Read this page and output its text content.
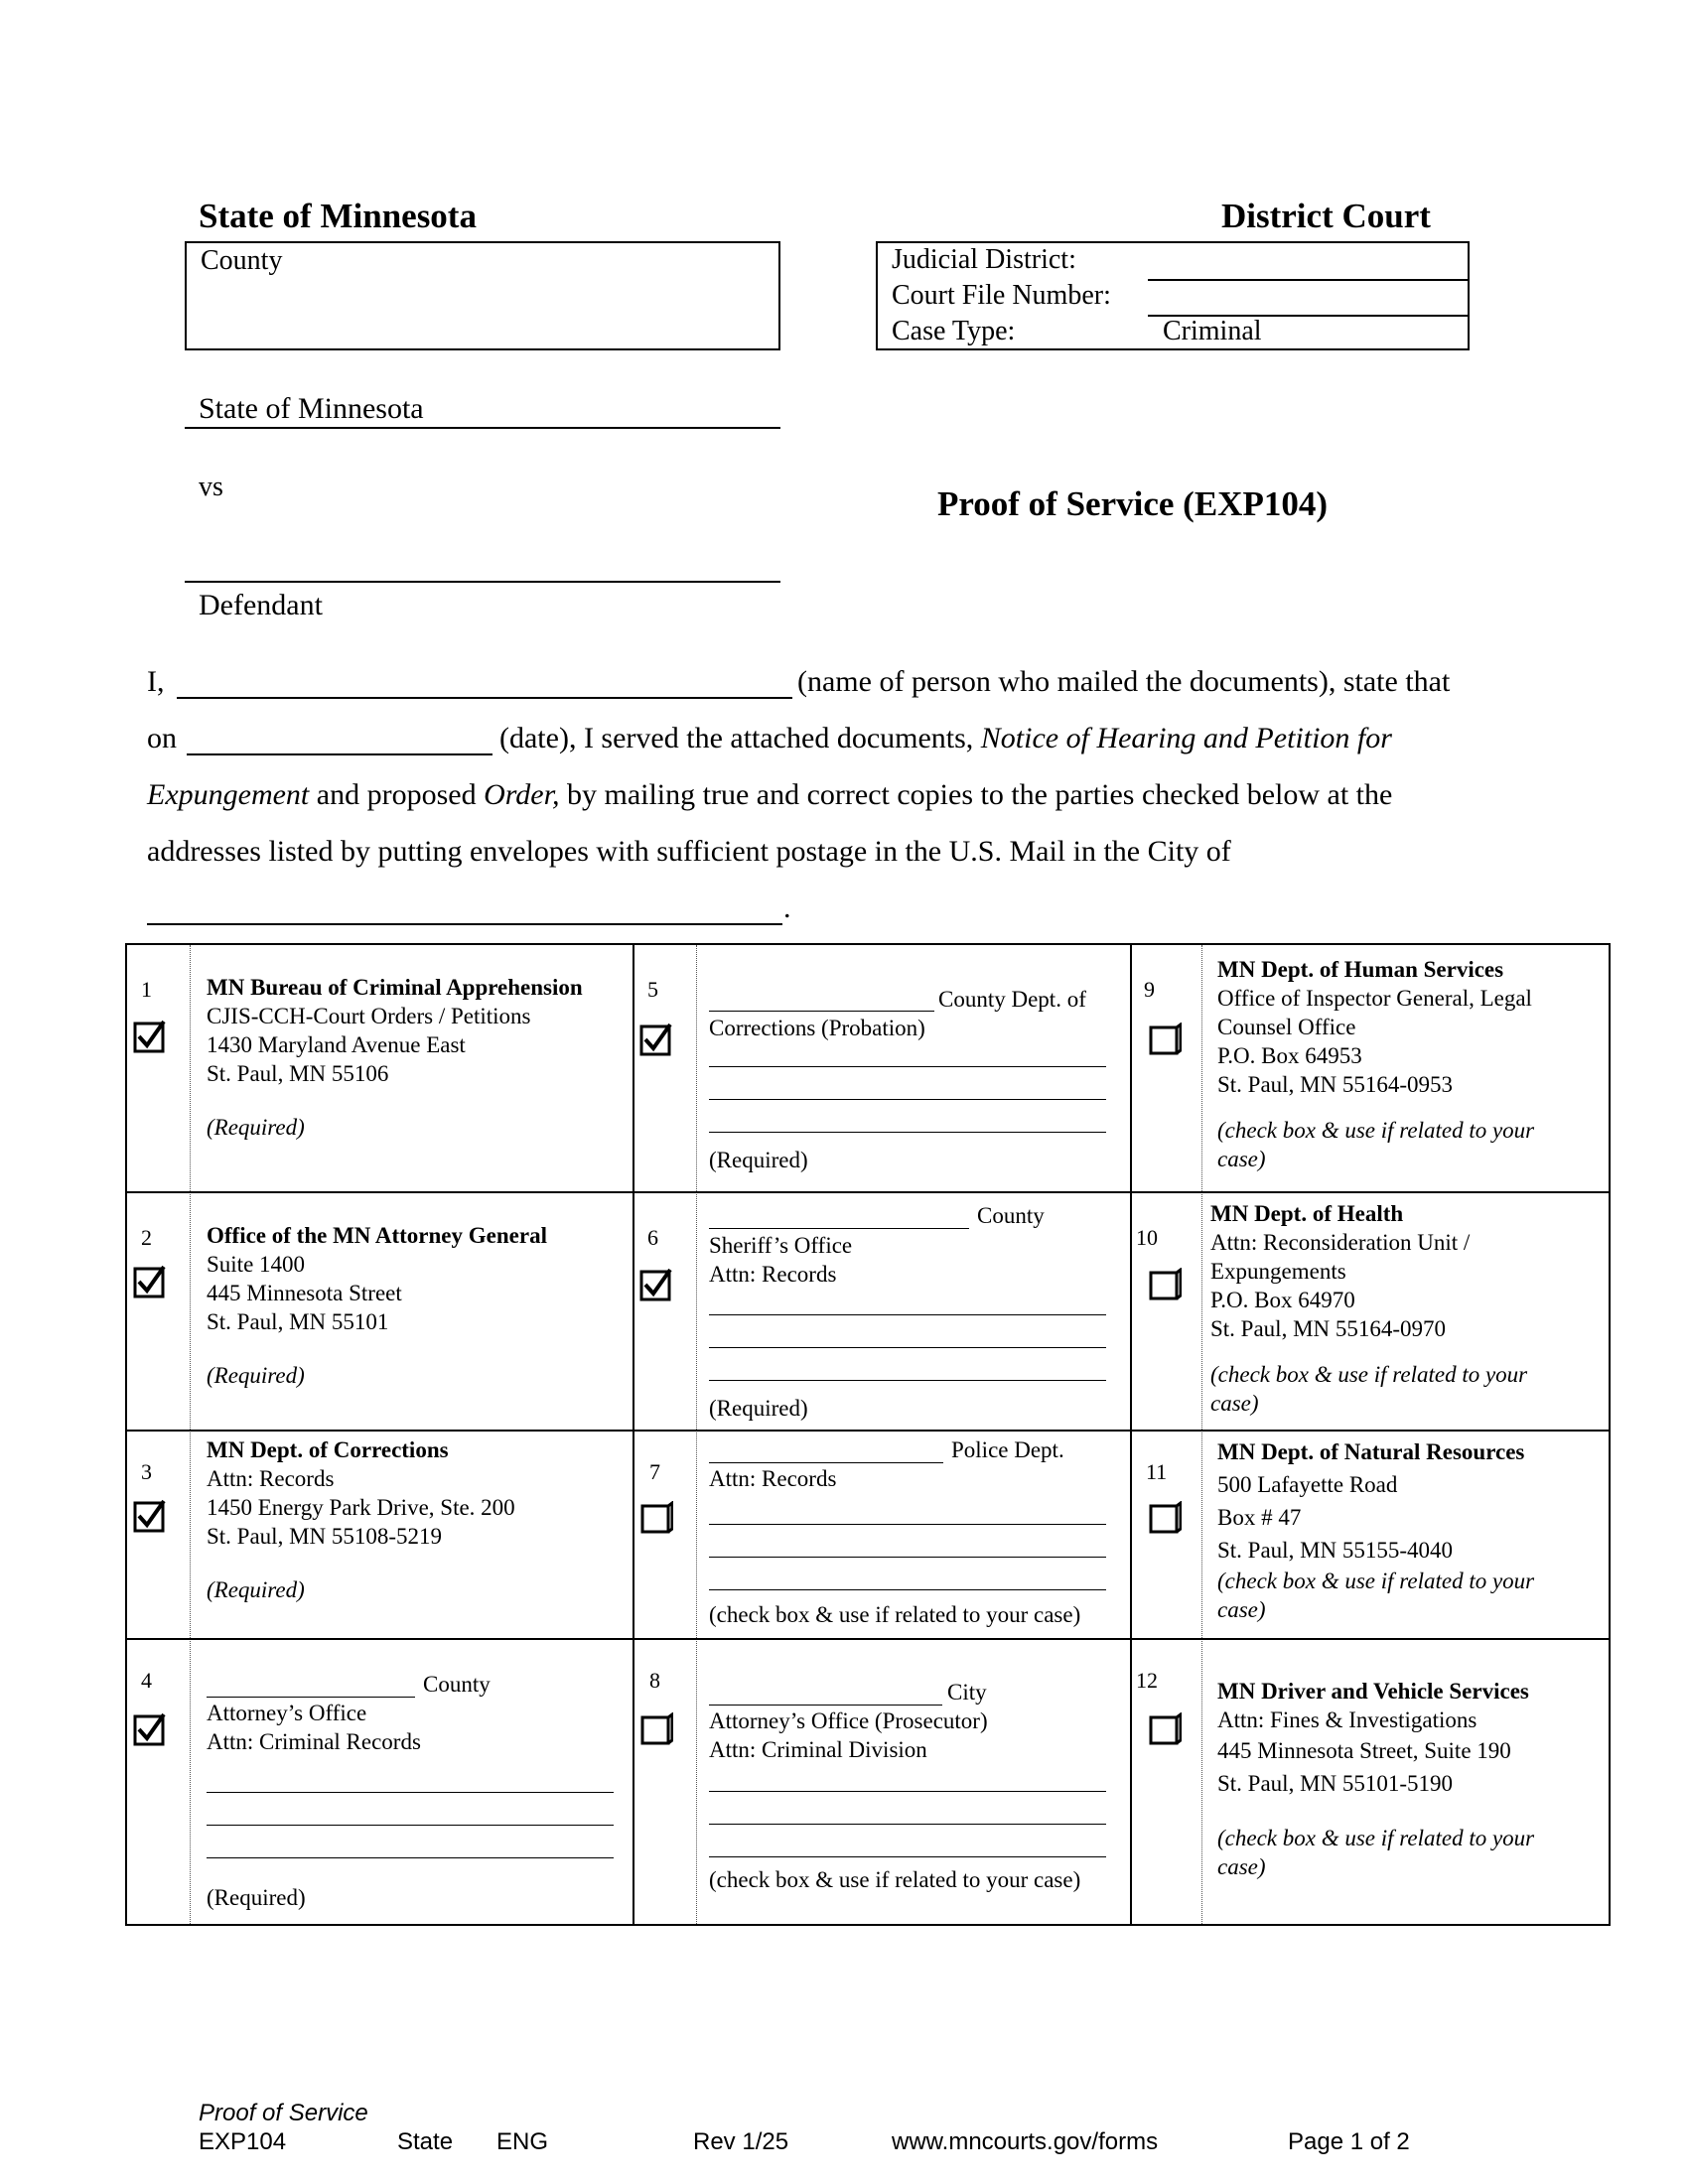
State of Minnesota	District Court
County	Judicial District:
Court File Number:
Case Type:	Criminal
State of Minnesota
vs
Defendant
Proof of Service (EXP104)
I,	(name of person who mailed the documents), state that
on	(date), I served the attached documents, Notice of Hearing and Petition for
Expungement and proposed Order, by mailing true and correct copies to the parties checked below at the
addresses listed by putting envelopes with sufficient postage in the U.S. Mail in the City of
.
1 MN Bureau of Criminal Apprehension
CJIS-CCH-Court Orders / Petitions
1430 Maryland Avenue East
St. Paul, MN 55106
(Required)
5	County Dept. of
Corrections (Probation)
(Required)
9
MN Dept. of Human Services
Office of Inspector General, Legal
Counsel Office
P.O. Box 64953
St. Paul, MN 55164-0953
(check box & use if related to your
case)
2 Office of the MN Attorney General
Suite 1400
445 Minnesota Street
St. Paul, MN 55101
(Required)
6
County
Sheriff’s Office
Attn: Records
(Required)
10
MN Dept. of Health
Attn: Reconsideration Unit /
Expungements
P.O. Box 64970
St. Paul, MN 55164-0970
(check box & use if related to your
case)
3
MN Dept. of Corrections
Attn: Records
1450 Energy Park Drive, Ste. 200
St. Paul, MN 55108-5219
(Required)
7
Police Dept.
Attn: Records
(check box & use if related to your case)
11
MN Dept. of Natural Resources
500 Lafayette Road
Box # 47
St. Paul, MN 55155-4040
(check box & use if related to your
case)
4	County
Attorney’s Office
Attn: Criminal Records
(Required)
8	City
Attorney’s Office (Prosecutor)
Attn: Criminal Division
(check box & use if related to your case)
12	MN Driver and Vehicle Services
Attn: Fines & Investigations
445 Minnesota Street, Suite 190
St. Paul, MN 55101-5190
(check box & use if related to your
case)
Proof of Service
EXP104	State ENG	Rev 1/25	www.mncourts.gov/forms	Page 1 of 2
